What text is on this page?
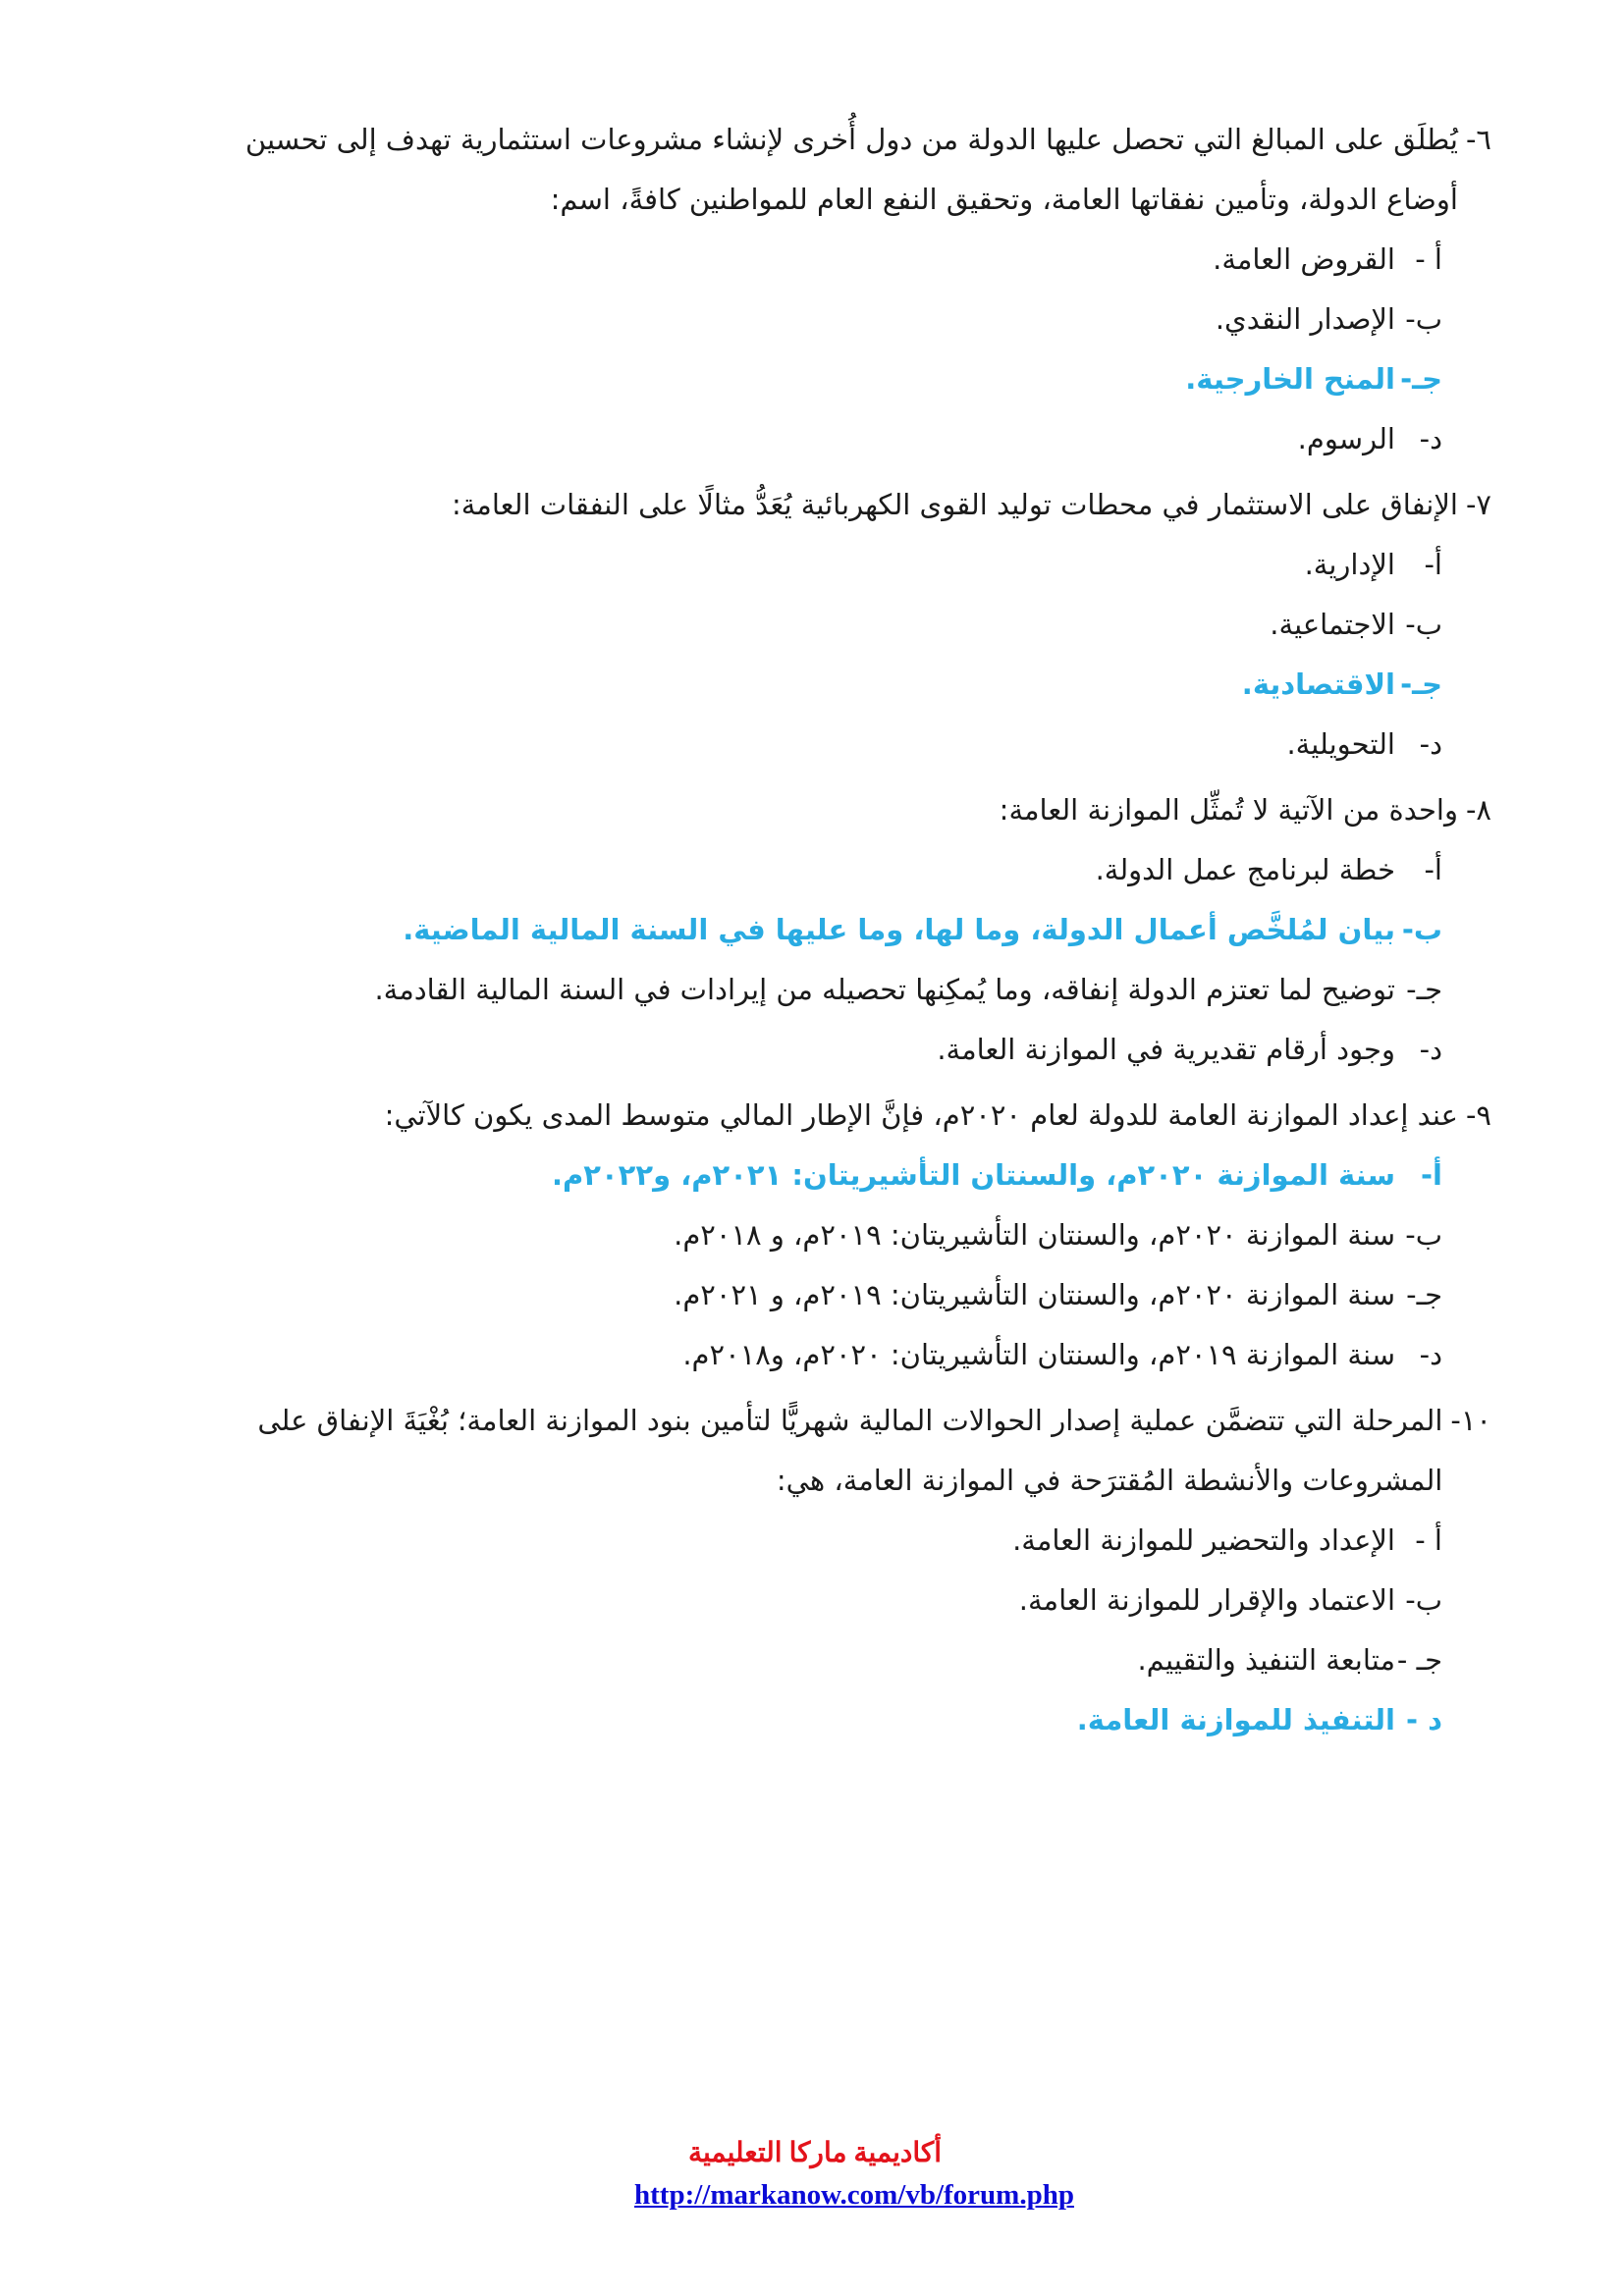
٦-
يُطلَق على المبالغ التي تحصل عليها الدولة من دول أُخرى لإنشاء مشروعات استثمارية تهدف إلى تحسين أوضاع الدولة، وتأمين نفقاتها العامة، وتحقيق النفع العام للمواطنين كافةً، اسم:
أ -القروض العامة.
ب-الإصدار النقدي.
جـ-المنح الخارجية.
د-الرسوم.
٧-
الإنفاق على الاستثمار في محطات توليد القوى الكهربائية يُعَدُّ مثالًا على النفقات العامة:
أ-الإدارية.
ب-الاجتماعية.
جـ-الاقتصادية.
د-التحويلية.
٨-
واحدة من الآتية لا تُمثِّل الموازنة العامة:
أ-خطة لبرنامج عمل الدولة.
ب-بيان لمُلخَّص أعمال الدولة، وما لها، وما عليها في السنة المالية الماضية.
جـ-توضيح لما تعتزم الدولة إنفاقه، وما يُمكِنها تحصيله من إيرادات في السنة المالية القادمة.
د-وجود أرقام تقديرية في الموازنة العامة.
٩-
عند إعداد الموازنة العامة للدولة لعام ٢٠٢٠م، فإنَّ الإطار المالي متوسط المدى يكون كالآتي:
أ-سنة الموازنة ٢٠٢٠م، والسنتان التأشيريتان: ٢٠٢١م، و٢٠٢٢م.
ب-سنة الموازنة ٢٠٢٠م، والسنتان التأشيريتان: ٢٠١٩م، و ٢٠١٨م.
جـ-سنة الموازنة ٢٠٢٠م، والسنتان التأشيريتان: ٢٠١٩م، و ٢٠٢١م.
د-سنة الموازنة ٢٠١٩م، والسنتان التأشيريتان: ٢٠٢٠م، و٢٠١٨م.
١٠-
المرحلة التي تتضمَّن عملية إصدار الحوالات المالية شهريًّا لتأمين بنود الموازنة العامة؛ بُغْيَةَ الإنفاق على المشروعات والأنشطة المُقترَحة في الموازنة العامة، هي:
أ -الإعداد والتحضير للموازنة العامة.
ب-الاعتماد والإقرار للموازنة العامة.
جـ -متابعة التنفيذ والتقييم.
د -التنفيذ للموازنة العامة.
أكاديمية ماركا التعليمية
http://markanow.com/vb/forum.php
